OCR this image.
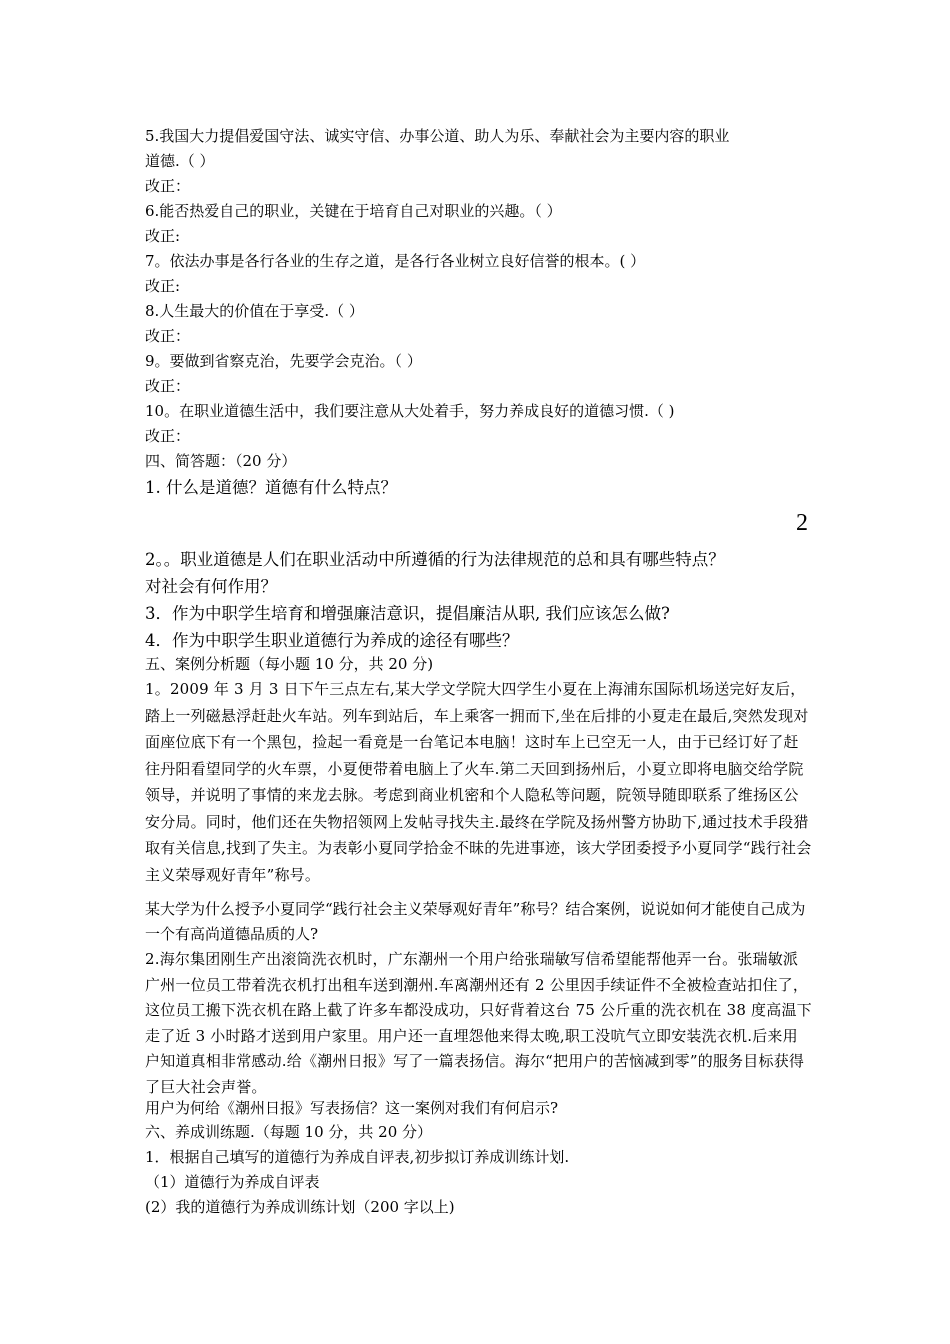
5.我国大力提倡爱国守法、诚实守信、办事公道、助人为乐、奉献社会为主要内容的职业

道德.（ ）

改正：

6.能否热爱自己的职业，关键在于培育自己对职业的兴趣。（ ）

改正:

7。依法办事是各行各业的生存之道，是各行各业树立良好信誉的根本。( ）

改正:

8.人生最大的价值在于享受.（ ）

改正：

9。要做到省察克治，先要学会克治。（ ）

改正：

10。在职业道德生活中，我们要注意从大处着手，努力养成良好的道德习惯.（ )

改正：

四、简答题：（20 分）

1. 什么是道德？道德有什么特点？

2

2。。职业道德是人们在职业活动中所遵循的行为法律规范的总和具有哪些特点？

对社会有何作用？

3．作为中职学生培育和增强廉洁意识，提倡廉洁从职, 我们应该怎么做?

4．作为中职学生职业道德行为养成的途径有哪些？

五、案例分析题（每小题 10 分，共 20 分)

1。2009 年 3 月 3 日下午三点左右,某大学文学院大四学生小夏在上海浦东国际机场送完好友后，踏上一列磁悬浮赶赴火车站。列车到站后，车上乘客一拥而下,坐在后排的小夏走在最后,突然发现对面座位底下有一个黑包，捡起一看竟是一台笔记本电脑！这时车上已空无一人，由于已经订好了赶往丹阳看望同学的火车票，小夏便带着电脑上了火车.第二天回到扬州后，小夏立即将电脑交给学院领导，并说明了事情的来龙去脉。考虑到商业机密和个人隐私等问题，院领导随即联系了维扬区公安分局。同时，他们还在失物招领网上发帖寻找失主.最终在学院及扬州警方协助下,通过技术手段猎取有关信息,找到了失主。为表彰小夏同学拾金不昧的先进事迹，该大学团委授予小夏同学“践行社会主义荣辱观好青年”称号。

某大学为什么授予小夏同学“践行社会主义荣辱观好青年”称号？结合案例，说说如何才能使自己成为一个有高尚道德品质的人?

2.海尔集团刚生产出滚筒洗衣机时，广东潮州一个用户给张瑞敏写信希望能帮他弄一台。张瑞敏派广州一位员工带着洗衣机打出租车送到潮州.车离潮州还有 2 公里因手续证件不全被检查站扣住了，这位员工搬下洗衣机在路上截了许多车都没成功，只好背着这台 75 公斤重的洗衣机在 38 度高温下走了近 3 小时路才送到用户家里。用户还一直埋怨他来得太晚,职工没吭气立即安装洗衣机.后来用户知道真相非常感动.给《潮州日报》写了一篇表扬信。海尔“把用户的苦恼减到零”的服务目标获得了巨大社会声誉。

用户为何给《潮州日报》写表扬信？这一案例对我们有何启示?

六、养成训练题.（每题 10 分，共 20 分）

1．根据自己填写的道德行为养成自评表,初步拟订养成训练计划.

（1）道德行为养成自评表

(2）我的道德行为养成训练计划（200 字以上)
